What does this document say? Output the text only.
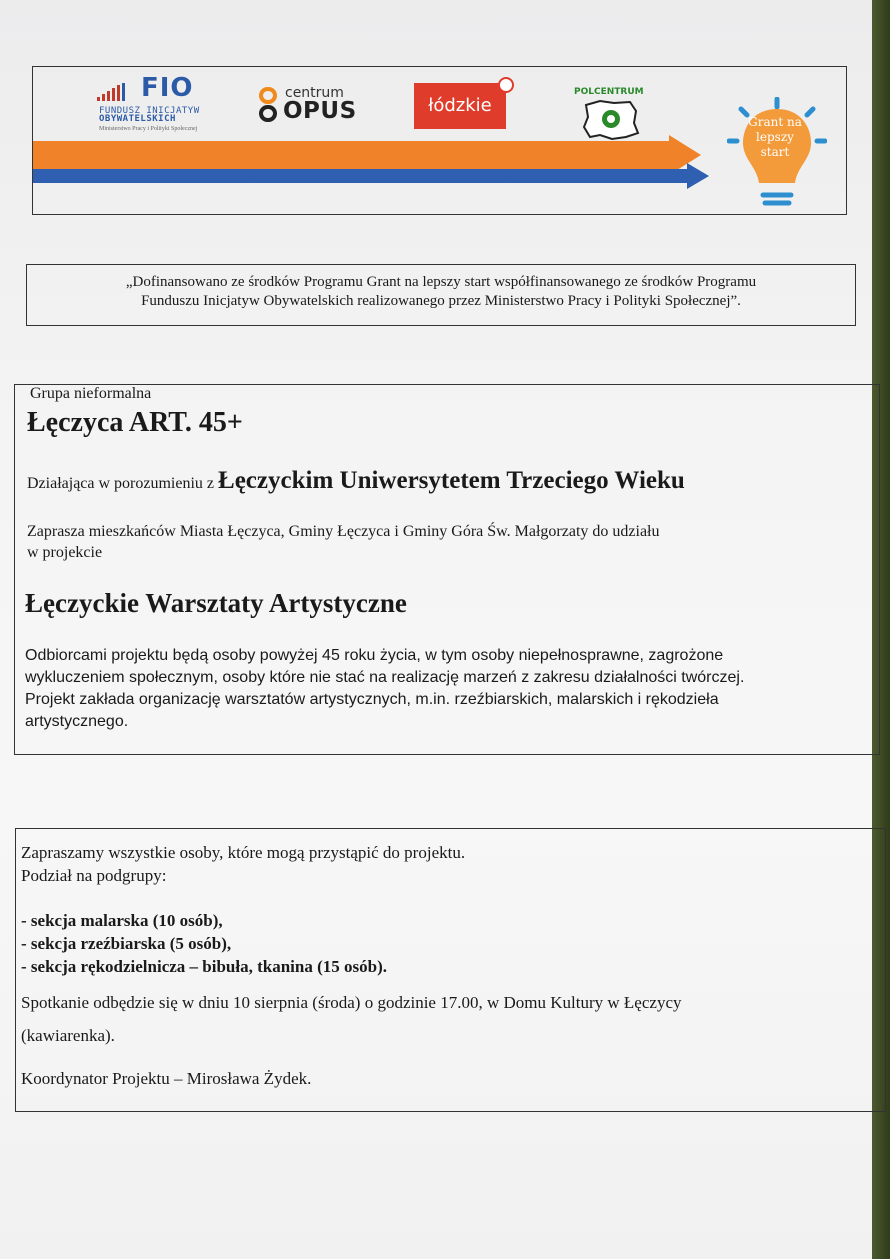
FIO
FUNDUSZ INICJATYW
OBYWATELSKICH
Ministerstwo Pracy i Polityki Społecznej
centrum
OPUS	łódzkie
POLCENTRUM
Grant na lepszy start
„Dofinansowano ze środków Programu Grant na lepszy start współfinansowanego ze środków Programu
Funduszu Inicjatyw Obywatelskich realizowanego przez Ministerstwo Pracy i Polityki Społecznej”.
Grupa nieformalna
Łęczyca ART. 45+
Działająca w porozumieniu z Łęczyckim Uniwersytetem Trzeciego Wieku
Zaprasza mieszkańców Miasta Łęczyca, Gminy Łęczyca i Gminy Góra Św. Małgorzaty do udziału
w projekcie
Łęczyckie Warsztaty Artystyczne
Odbiorcami projektu będą osoby powyżej 45 roku życia, w tym osoby niepełnosprawne, zagrożone
wykluczeniem społecznym, osoby które nie stać na realizację marzeń z zakresu działalności twórczej.
Projekt zakłada organizację warsztatów artystycznych, m.in. rzeźbiarskich, malarskich i rękodzieła
artystycznego.
Zapraszamy wszystkie osoby, które mogą przystąpić do projektu.
Podział na podgrupy:
- sekcja malarska (10 osób),
- sekcja rzeźbiarska (5 osób),
- sekcja rękodzielnicza – bibuła, tkanina (15 osób).
Spotkanie odbędzie się w dniu 10 sierpnia (środa) o godzinie 17.00, w Domu Kultury w Łęczycy
(kawiarenka).
Koordynator Projektu – Mirosława Żydek.
